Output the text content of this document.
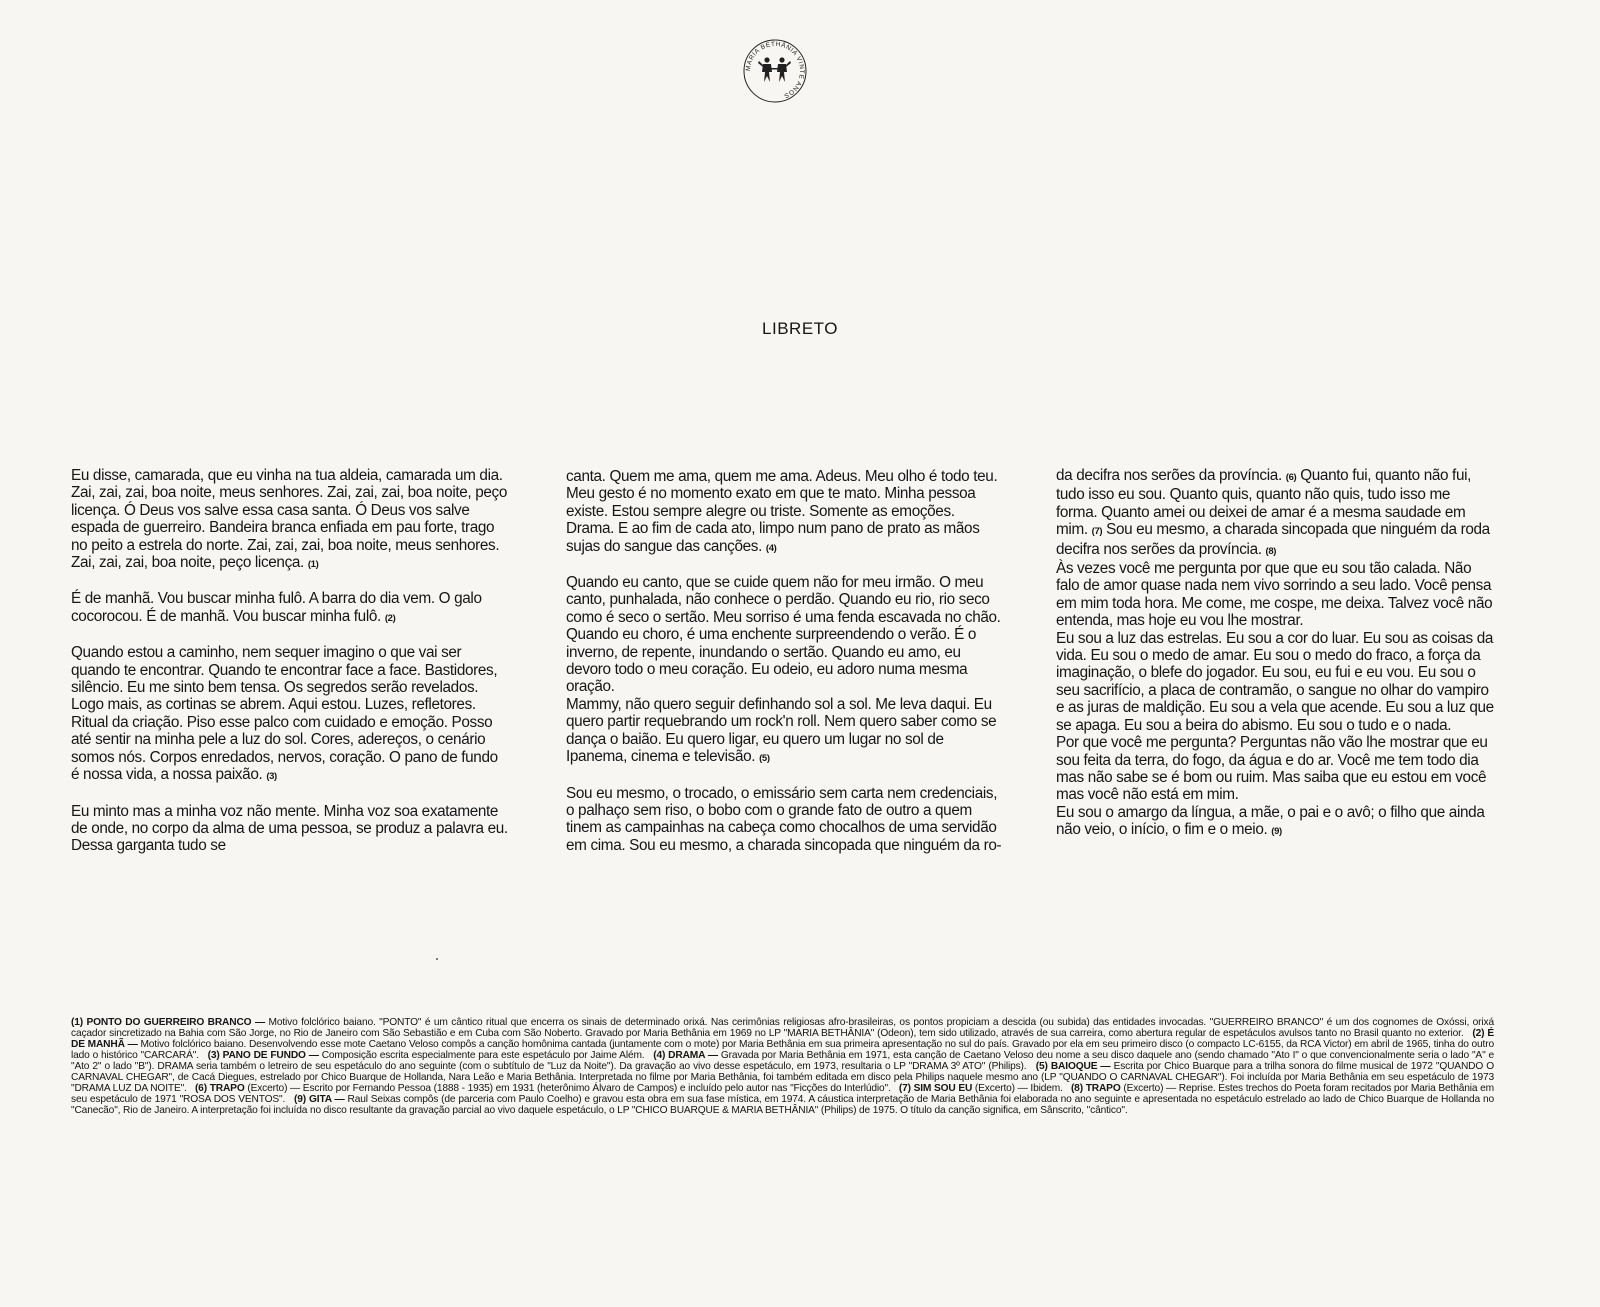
MARIA BETHÂNIA VINTE ANOS
LIBRETO

Eu disse, camarada, que eu vinha na tua aldeia, camarada um dia. Zai, zai, zai, boa noite, meus senhores. Zai, zai, zai, boa noite, peço licença. Ó Deus vos salve essa casa santa. Ó Deus vos salve espada de guerreiro. Bandeira branca enfiada em pau forte, trago no peito a estrela do norte. Zai, zai, zai, boa noite, meus senhores. Zai, zai, zai, boa noite, peço licença. (1)

É de manhã. Vou buscar minha fulô. A barra do dia vem. O galo cocorocou. É de manhã. Vou buscar minha fulô. (2)

Quando estou a caminho, nem sequer imagino o que vai ser quando te encontrar. Quando te encontrar face a face. Bastidores, silêncio. Eu me sinto bem tensa. Os segredos serão revelados. Logo mais, as cortinas se abrem. Aqui estou. Luzes, refletores. Ritual da criação. Piso esse palco com cuidado e emoção. Posso até sentir na minha pele a luz do sol. Cores, adereços, o cenário somos nós. Corpos enredados, nervos, coração. O pano de fundo é nossa vida, a nossa paixão. (3)

Eu minto mas a minha voz não mente. Minha voz soa exatamente de onde, no corpo da alma de uma pessoa, se produz a palavra eu. Dessa garganta tudo se

canta. Quem me ama, quem me ama. Adeus. Meu olho é todo teu. Meu gesto é no momento exato em que te mato. Minha pessoa existe. Estou sempre alegre ou triste. Somente as emoções. Drama. E ao fim de cada ato, limpo num pano de prato as mãos sujas do sangue das canções. (4)

Quando eu canto, que se cuide quem não for meu irmão. O meu canto, punhalada, não conhece o perdão. Quando eu rio, rio seco como é seco o sertão. Meu sorriso é uma fenda escavada no chão. Quando eu choro, é uma enchente surpreendendo o verão. É o inverno, de repente, inundando o sertão. Quando eu amo, eu devoro todo o meu coração. Eu odeio, eu adoro numa mesma oração.

Mammy, não quero seguir definhando sol a sol. Me leva daqui. Eu quero partir requebrando um rock'n roll. Nem quero saber como se dança o baião. Eu quero ligar, eu quero um lugar no sol de Ipanema, cinema e televisão. (5)

Sou eu mesmo, o trocado, o emissário sem carta nem credenciais, o palhaço sem riso, o bobo com o grande fato de outro a quem tinem as campainhas na cabeça como chocalhos de uma servidão em cima. Sou eu mesmo, a charada sincopada que ninguém da ro-

da decifra nos serões da província. (6) Quanto fui, quanto não fui, tudo isso eu sou. Quanto quis, quanto não quis, tudo isso me forma. Quanto amei ou deixei de amar é a mesma saudade em mim. (7) Sou eu mesmo, a charada sincopada que ninguém da roda decifra nos serões da província. (8)

Às vezes você me pergunta por que que eu sou tão calada. Não falo de amor quase nada nem vivo sorrindo a seu lado. Você pensa em mim toda hora. Me come, me cospe, me deixa. Talvez você não entenda, mas hoje eu vou lhe mostrar.

Eu sou a luz das estrelas. Eu sou a cor do luar. Eu sou as coisas da vida. Eu sou o medo de amar. Eu sou o medo do fraco, a força da imaginação, o blefe do jogador. Eu sou, eu fui e eu vou. Eu sou o seu sacrifício, a placa de contramão, o sangue no olhar do vampiro e as juras de maldição. Eu sou a vela que acende. Eu sou a luz que se apaga. Eu sou a beira do abismo. Eu sou o tudo e o nada.

Por que você me pergunta? Perguntas não vão lhe mostrar que eu sou feita da terra, do fogo, da água e do ar. Você me tem todo dia mas não sabe se é bom ou ruim. Mas saiba que eu estou em você mas você não está em mim.

Eu sou o amargo da língua, a mãe, o pai e o avô; o filho que ainda não veio, o início, o fim e o meio. (9)

(1) PONTO DO GUERREIRO BRANCO — Motivo folclórico baiano. "PONTO" é um cântico ritual que encerra os sinais de determinado orixá. Nas cerimônias religiosas afro-brasileiras, os pontos propiciam a descida (ou subida) das entidades invocadas. "GUERREIRO BRANCO" é um dos cognomes de Oxóssi, orixá caçador sincretizado na Bahia com São Jorge, no Rio de Janeiro com São Sebastião e em Cuba com São Noberto. Gravado por Maria Bethânia em 1969 no LP "MARIA BETHÂNIA" (Odeon), tem sido utilizado, através de sua carreira, como abertura regular de espetáculos avulsos tanto no Brasil quanto no exterior. (2) É DE MANHÃ — Motivo folclórico baiano. Desenvolvendo esse mote Caetano Veloso compôs a canção homônima cantada (juntamente com o mote) por Maria Bethânia em sua primeira apresentação no sul do país. Gravado por ela em seu primeiro disco (o compacto LC-6155, da RCA Victor) em abril de 1965, tinha do outro lado o histórico "CARCARÁ". (3) PANO DE FUNDO — Composição escrita especialmente para este espetáculo por Jaime Além. (4) DRAMA — Gravada por Maria Bethânia em 1971, esta canção de Caetano Veloso deu nome a seu disco daquele ano (sendo chamado "Ato I" o que convencionalmente seria o lado "A" e "Ato 2" o lado "B"). DRAMA seria também o letreiro de seu espetáculo do ano seguinte (com o subtítulo de "Luz da Noite"). Da gravação ao vivo desse espetáculo, em 1973, resultaria o LP "DRAMA 3º ATO" (Philips). (5) BAIOQUE — Escrita por Chico Buarque para a trilha sonora do filme musical de 1972 "QUANDO O CARNAVAL CHEGAR", de Cacá Diegues, estrelado por Chico Buarque de Hollanda, Nara Leão e Maria Bethânia. Interpretada no filme por Maria Bethânia, foi também editada em disco pela Philips naquele mesmo ano (LP "QUANDO O CARNAVAL CHEGAR"). Foi incluída por Maria Bethânia em seu espetáculo de 1973 "DRAMA LUZ DA NOITE". (6) TRAPO (Excerto) — Escrito por Fernando Pessoa (1888 - 1935) em 1931 (heterônimo Álvaro de Campos) e incluído pelo autor nas "Ficções do Interlúdio". (7) SIM SOU EU (Excerto) — Ibidem. (8) TRAPO (Excerto) — Reprise. Estes trechos do Poeta foram recitados por Maria Bethânia em seu espetáculo de 1971 "ROSA DOS VENTOS". (9) GITA — Raul Seixas compôs (de parceria com Paulo Coelho) e gravou esta obra em sua fase mística, em 1974. A cáustica interpretação de Maria Bethânia foi elaborada no ano seguinte e apresentada no espetáculo estrelado ao lado de Chico Buarque de Hollanda no "Canecão", Rio de Janeiro. A interpretação foi incluída no disco resultante da gravação parcial ao vivo daquele espetáculo, o LP "CHICO BUARQUE & MARIA BETHÂNIA" (Philips) de 1975. O título da canção significa, em Sânscrito, "cântico".
